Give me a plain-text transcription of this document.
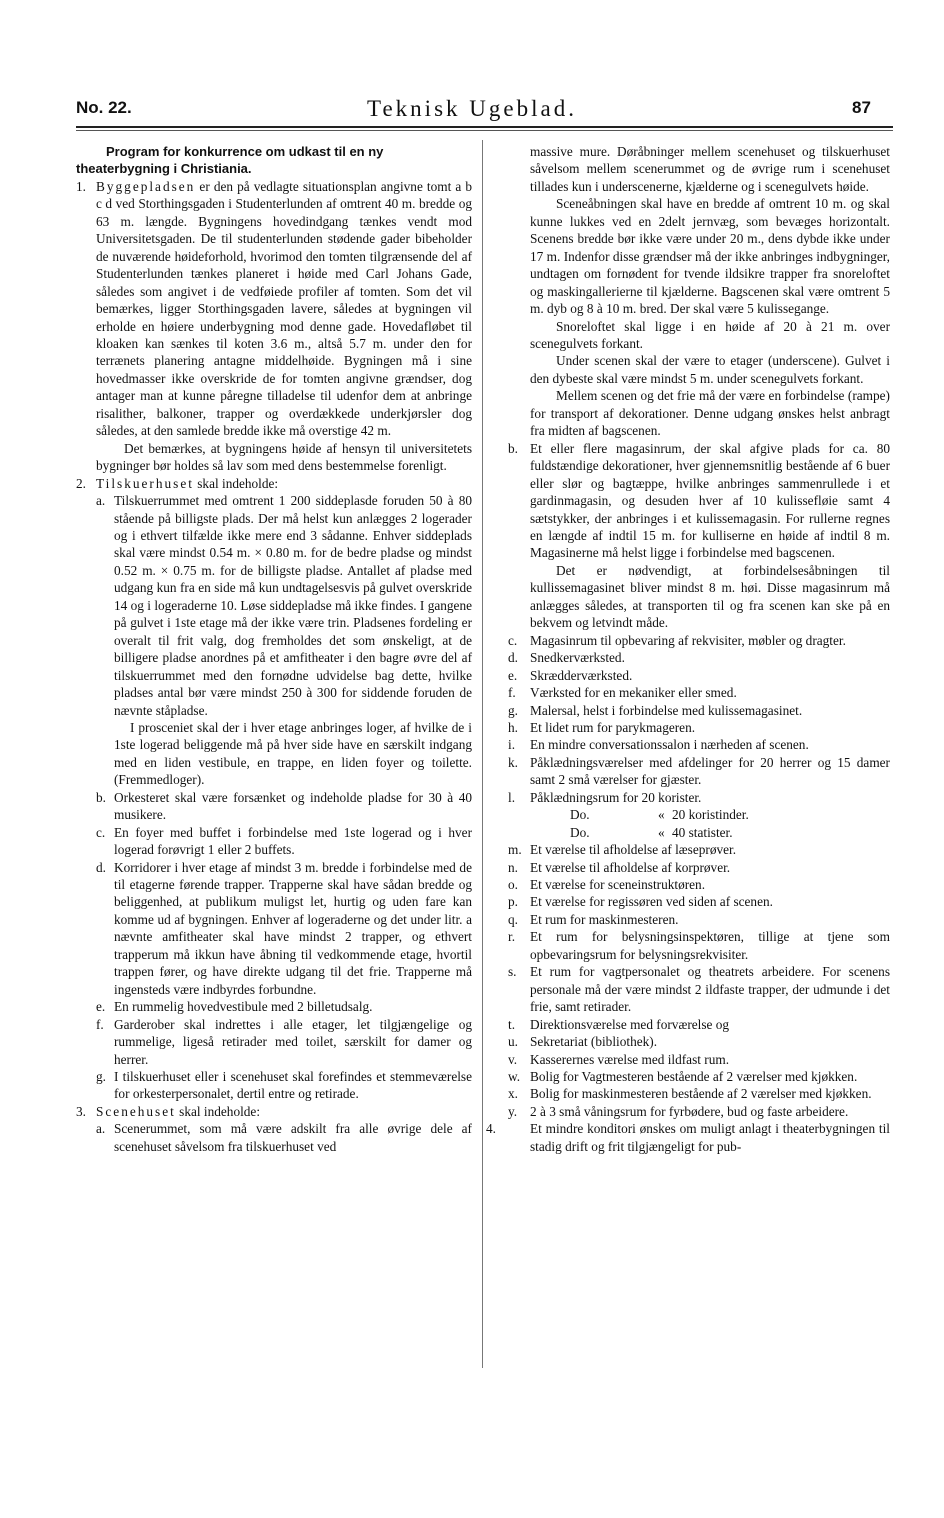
No. 22.	Teknisk Ugeblad.	87
Program for konkurrence om udkast til en ny
theaterbygning i Christiania.
1. Byggepladsen er den på vedlagte situationsplan angivne tomt a b c d ved Storthingsgaden i Studenterlunden af omtrent 40 m. bredde og 63 m. længde. Bygningens hovedindgang tænkes vendt mod Universitetsgaden. De til studenterlunden stødende gader bibeholder de nuværende høideforhold, hvorimod den tomten tilgrænsende del af Studenterlunden tænkes planeret i høide med Carl Johans Gade, således som angivet i de vedføiede profiler af tomten. Som det vil bemærkes, ligger Storthingsgaden lavere, således at bygningen vil erholde en høiere underbygning mod denne gade. Hovedafløbet til kloaken kan sænkes til koten 3.6 m., altså 5.7 m. under den for terrænets planering antagne middelhøide. Bygningen må i sine hovedmasser ikke overskride de for tomten angivne grændser, dog antager man at kunne påregne tilladelse til udenfor dem at anbringe risalither, balkoner, trapper og overdækkede underkjørsler dog således, at den samlede bredde ikke må overstige 42 m.
Det bemærkes, at bygningens høide af hensyn til universitetets bygninger bør holdes så lav som med dens bestemmelse forenligt.
2. Tilskuerhuset skal indeholde:
a. Tilskuerrummet med omtrent 1 200 siddeplasde foruden 50 à 80 stående på billigste plads. Der må helst kun anlægges 2 logerader og i ethvert tilfælde ikke mere end 3 sådanne. Enhver siddeplads skal være mindst 0.54 m. × 0.80 m. for de bedre pladse og mindst 0.52 m. × 0.75 m. for de billigste pladse. Antallet af pladse med udgang kun fra en side må kun undtagelsesvis på gulvet overskride 14 og i logeraderne 10. Løse siddepladse må ikke findes. I gangene på gulvet i 1ste etage må der ikke være trin. Pladsenes fordeling er overalt til frit valg, dog fremholdes det som ønskeligt, at de billigere pladse anordnes på et amfitheater i den bagre øvre del af tilskuerrummet med den fornødne udvidelse bag dette, hvilke pladses antal bør være mindst 250 à 300 for siddende foruden de nævnte ståpladse.
I prosceniet skal der i hver etage anbringes loger, af hvilke de i 1ste logerad beliggende må på hver side have en særskilt indgang med en liden vestibule, en trappe, en liden foyer og toilette. (Fremmedloger).
b. Orkesteret skal være forsænket og indeholde pladse for 30 à 40 musikere.
c. En foyer med buffet i forbindelse med 1ste logerad og i hver logerad forøvrigt 1 eller 2 buffets.
d. Korridorer i hver etage af mindst 3 m. bredde i forbindelse med de til etagerne førende trapper. Trapperne skal have sådan bredde og beliggenhed, at publikum muligst let, hurtig og uden fare kan komme ud af bygningen. Enhver af logeraderne og det under litr. a nævnte amfitheater skal have mindst 2 trapper, og ethvert trapperum må ikkun have åbning til vedkommende etage, hvortil trappen fører, og have direkte udgang til det frie. Trapperne må ingensteds være indbyrdes forbundne.
e. En rummelig hovedvestibule med 2 billetudsalg.
f. Garderober skal indrettes i alle etager, let tilgjængelige og rummelige, ligeså retirader med toilet, særskilt for damer og herrer.
g. I tilskuerhuset eller i scenehuset skal forefindes et stemmeværelse for orkesterpersonalet, dertil entre og retirade.
3. Scenehuset skal indeholde:
a. Scenerummet, som må være adskilt fra alle øvrige dele af scenehuset såvelsom fra tilskuerhuset ved
massive mure. Døråbninger mellem scenehuset og tilskuerhuset såvelsom mellem scenerummet og de øvrige rum i scenehuset tillades kun i underscenerne, kjælderne og i scenegulvets høide.
Sceneåbningen skal have en bredde af omtrent 10 m. og skal kunne lukkes ved en 2delt jernvæg, som bevæges horizontalt. Scenens bredde bør ikke være under 20 m., dens dybde ikke under 17 m. Indenfor disse grændser må der ikke anbringes indbygninger, undtagen om fornødent for tvende ildsikre trapper fra snoreloftet og maskingallerierne til kjælderne. Bagscenen skal være omtrent 5 m. dyb og 8 à 10 m. bred. Der skal være 5 kulissegange.
Snoreloftet skal ligge i en høide af 20 à 21 m. over scenegulvets forkant.
Under scenen skal der være to etager (underscene). Gulvet i den dybeste skal være mindst 5 m. under scenegulvets forkant.
Mellem scenen og det frie må der være en forbindelse (rampe) for transport af dekorationer. Denne udgang ønskes helst anbragt fra midten af bagscenen.
b. Et eller flere magasinrum, der skal afgive plads for ca. 80 fuldstændige dekorationer, hver gjennemsnitlig bestående af 6 buer eller slør og bagtæppe, hvilke anbringes sammenrullede i et gardinmagasin, og desuden hver af 10 kulissefløie samt 4 sætstykker, der anbringes i et kulissemagasin. For rullerne regnes en længde af indtil 15 m. for kulliserne en høide af indtil 8 m. Magasinerne må helst ligge i forbindelse med bagscenen.
Det er nødvendigt, at forbindelsesåbningen til kullissemagasinet bliver mindst 8 m. høi. Disse magasinrum må anlægges således, at transporten til og fra scenen kan ske på en bekvem og letvindt måde.
c. Magasinrum til opbevaring af rekvisiter, møbler og dragter.
d. Snedkerværksted.
e. Skrædderværksted.
f. Værksted for en mekaniker eller smed.
g. Malersal, helst i forbindelse med kulissemagasinet.
h. Et lidet rum for parykmageren.
i. En mindre conversationssalon i nærheden af scenen.
k. Påklædningsværelser med afdelinger for 20 herrer og 15 damer samt 2 små værelser for gjæster.
l. Påklædningsrum for 20 korister.
Do.	« 20 koristinder.
Do.	« 40 statister.
m. Et værelse til afholdelse af læseprøver.
n. Et værelse til afholdelse af korprøver.
o. Et værelse for sceneinstruktøren.
p. Et værelse for regissøren ved siden af scenen.
q. Et rum for maskinmesteren.
r. Et rum for belysningsinspektøren, tillige at tjene som opbevaringsrum for belysningsrekvisiter.
s. Et rum for vagtpersonalet og theatrets arbeidere. For scenens personale må der være mindst 2 ildfaste trapper, der udmunde i det frie, samt retirader.
t. Direktionsværelse med forværelse og
u. Sekretariat (bibliothek).
v. Kasserernes værelse med ildfast rum.
w. Bolig for Vagtmesteren bestående af 2 værelser med kjøkken.
x. Bolig for maskinmesteren bestående af 2 værelser med kjøkken.
y. 2 à 3 små våningsrum for fyrbødere, bud og faste arbeidere.
4.	Et mindre konditori ønskes om muligt anlagt i theaterbygningen til stadig drift og frit tilgjængeligt for pub-
